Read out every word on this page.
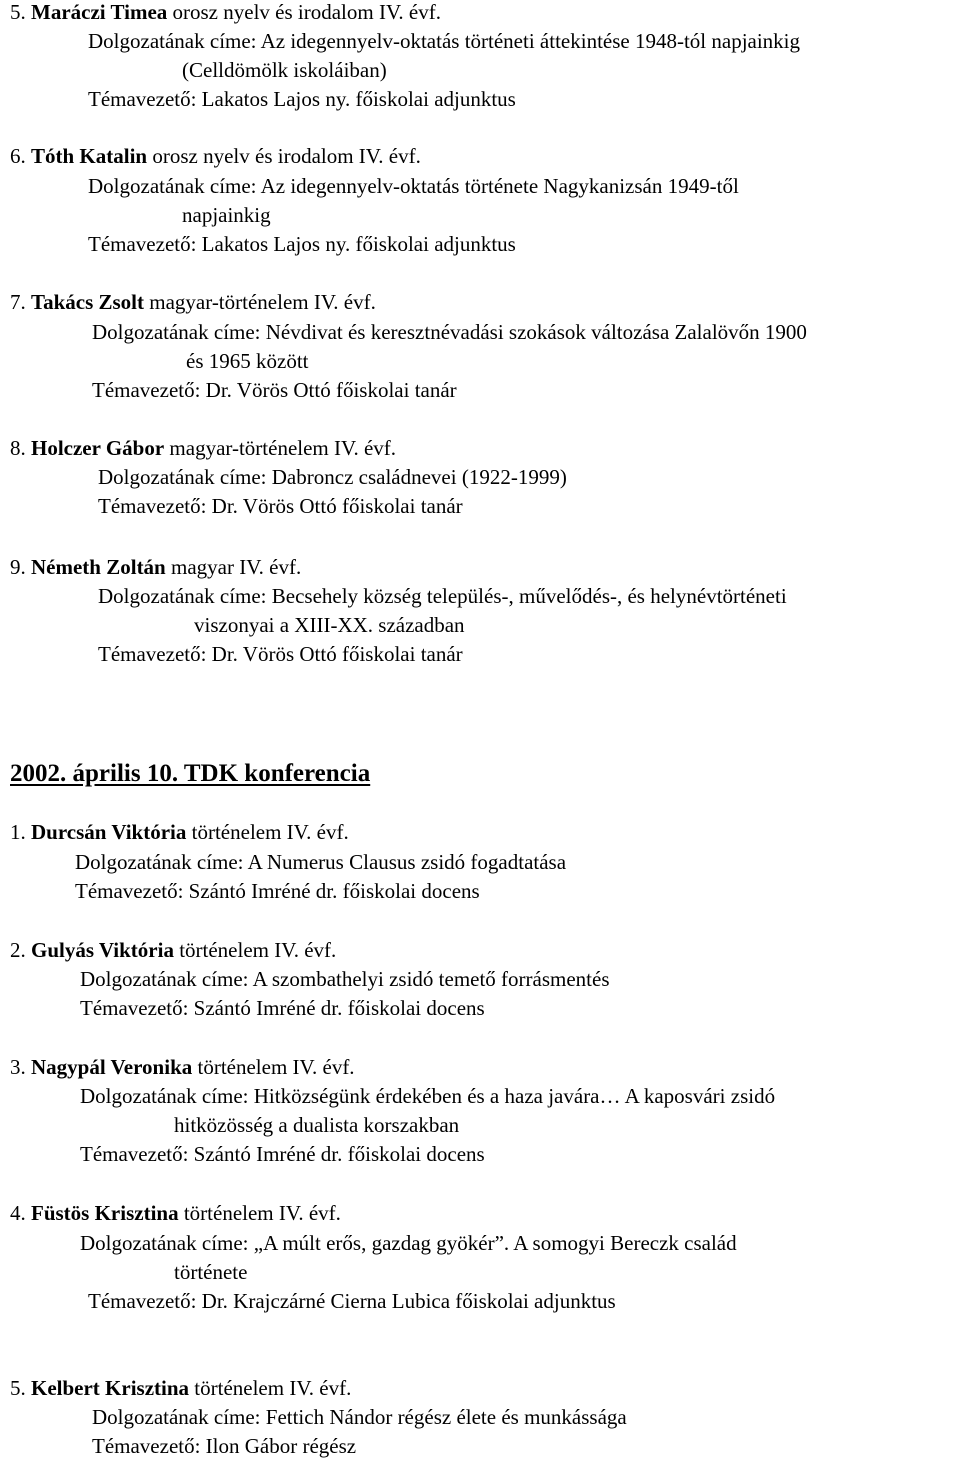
5. Maráczi Timea orosz nyelv és irodalom IV. évf.
Dolgozatának címe: Az idegennyelv-oktatás történeti áttekintése 1948-tól napjainkig
(Celldömölk iskoláiban)
Témavezető: Lakatos Lajos ny. főiskolai adjunktus
6. Tóth Katalin orosz nyelv és irodalom IV. évf.
Dolgozatának címe: Az idegennyelv-oktatás története Nagykanizsán 1949-től
napjainkig
Témavezető: Lakatos Lajos ny. főiskolai adjunktus
7. Takács Zsolt magyar-történelem IV. évf.
Dolgozatának címe: Névdivat és keresztnévadási szokások változása Zalalövőn 1900
és 1965 között
Témavezető: Dr. Vörös Ottó főiskolai tanár
8. Holczer Gábor magyar-történelem IV. évf.
Dolgozatának címe: Dabroncz családnevei (1922-1999)
Témavezető: Dr. Vörös Ottó főiskolai tanár
9. Németh Zoltán magyar IV. évf.
Dolgozatának címe: Becsehely község település-, művelődés-, és helynévtörténeti
viszonyai a XIII-XX. században
Témavezető: Dr. Vörös Ottó főiskolai tanár
2002. április 10. TDK konferencia
1. Durcsán Viktória történelem IV. évf.
Dolgozatának címe: A Numerus Clausus zsidó fogadtatása
Témavezető: Szántó Imréné dr. főiskolai docens
2. Gulyás Viktória történelem IV. évf.
Dolgozatának címe: A szombathelyi zsidó temető forrásmentés
Témavezető: Szántó Imréné dr. főiskolai docens
3. Nagypál Veronika történelem IV. évf.
Dolgozatának címe: Hitközségünk érdekében és a haza javára… A kaposvári zsidó
hitközösség a dualista korszakban
Témavezető: Szántó Imréné dr. főiskolai docens
4. Füstös Krisztina történelem IV. évf.
Dolgozatának címe: „A múlt erős, gazdag gyökér”. A somogyi Bereczk család
története
Témavezető: Dr. Krajczárné Cierna Lubica főiskolai adjunktus
5. Kelbert Krisztina történelem IV. évf.
Dolgozatának címe: Fettich Nándor régész élete és munkássága
Témavezető: Ilon Gábor régész
